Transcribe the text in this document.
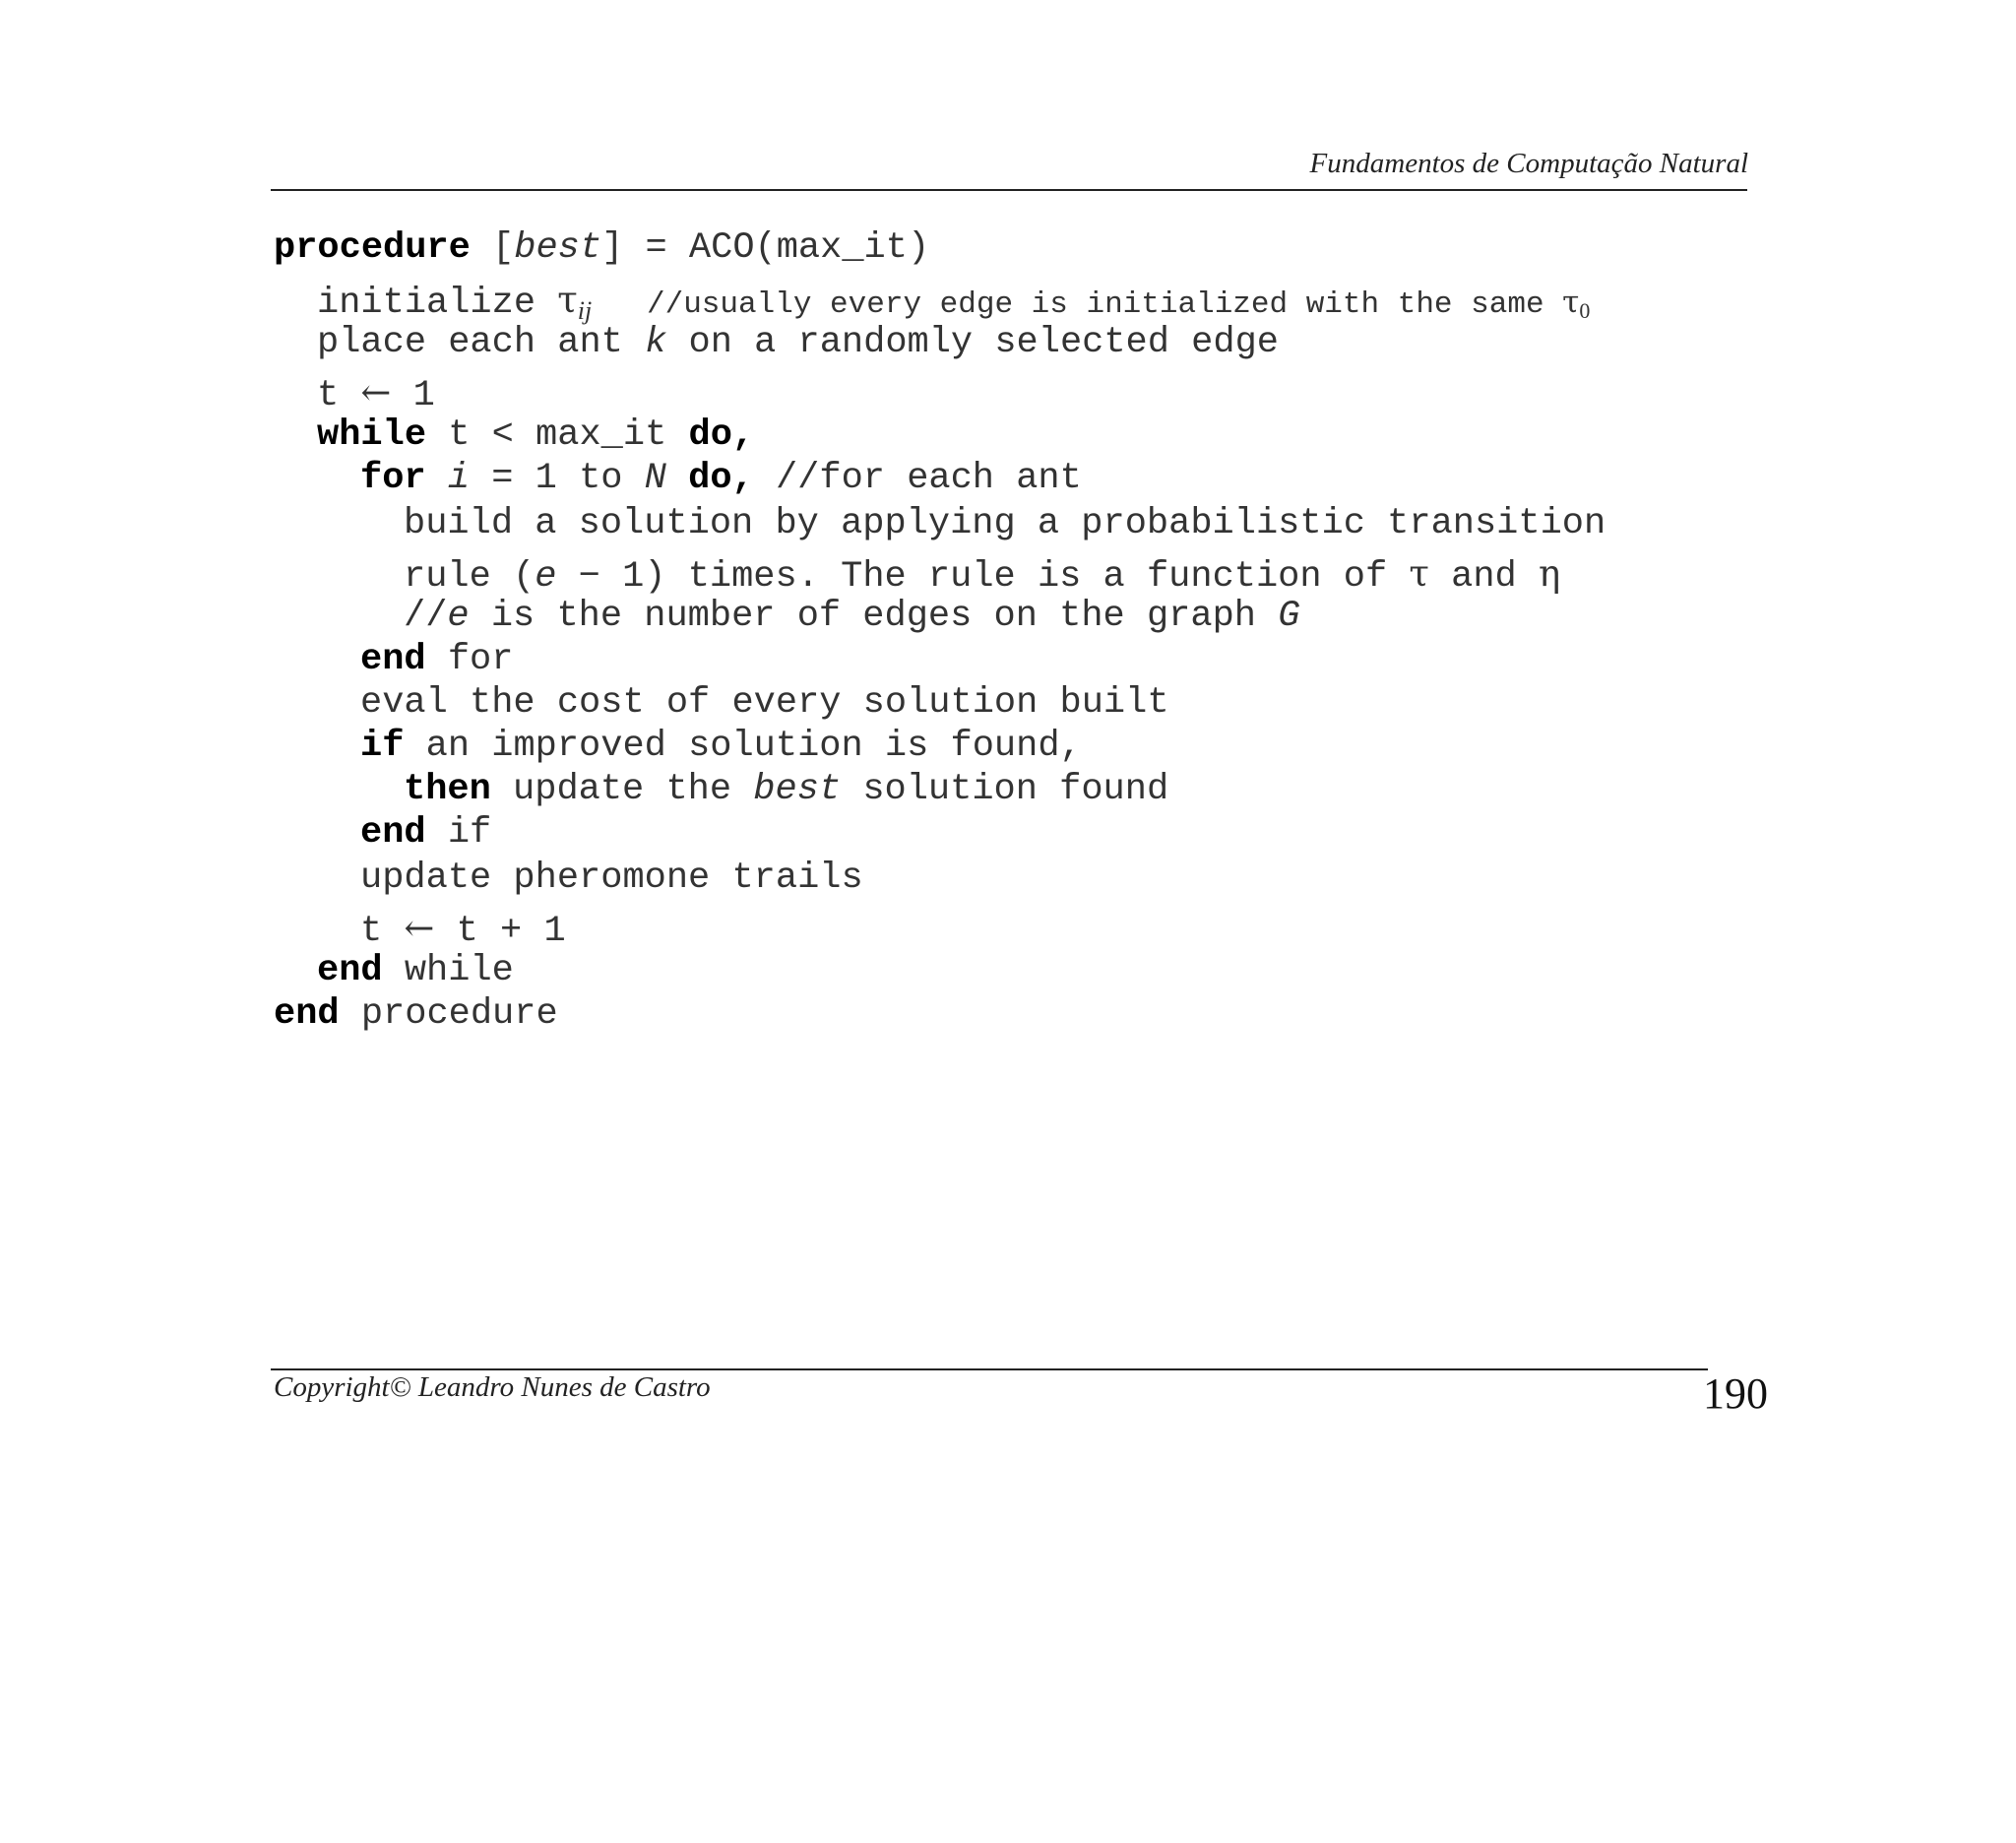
Fundamentos de Computação Natural

procedure [best] = ACO(max_it)

initialize $\tau_{ij}$   //usually every edge is initialized with the same τ0

place each ant k on a randomly selected edge

t ← 1

while t < max_it do,

for i = 1 to N do, //for each ant

build a solution by applying a probabilistic transition

rule (e − 1) times. The rule is a function of τ and η

//e is the number of edges on the graph G

end for

eval the cost of every solution built

if an improved solution is found,

then update the best solution found

end if

update pheromone trails

t ← t + 1

end while

end procedure

Copyright© Leandro Nunes de Castro	190
